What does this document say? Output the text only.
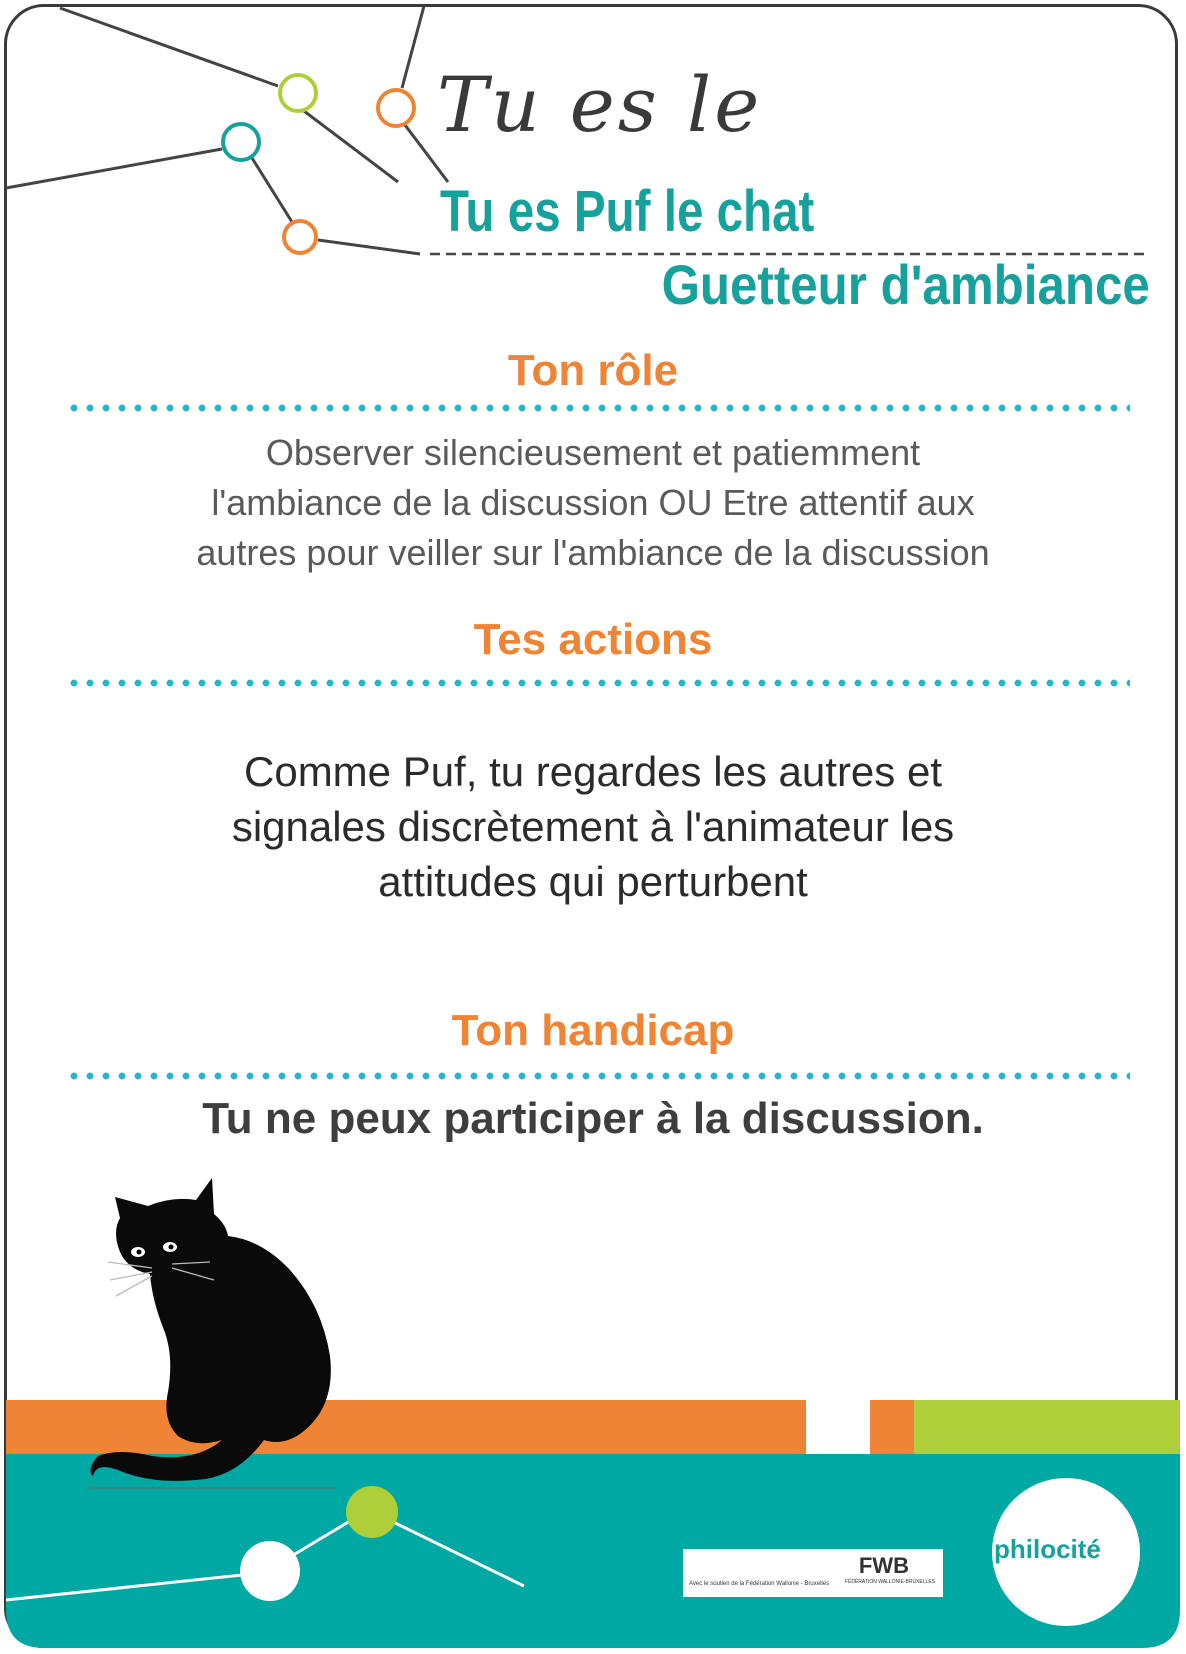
Tu es le
Tu es Puf le chat
Guetteur d'ambiance
Ton rôle
Observer silencieusement et patiemment
l'ambiance de la discussion OU Etre attentif aux
autres pour veiller sur l'ambiance de la discussion
Tes actions
Comme Puf, tu regardes les autres et
signales discrètement à l'animateur les
attitudes qui perturbent
Ton handicap
Tu ne peux participer à la discussion.
Avec le soutien de la Fédération Wallonie - Bruxelles
FWB
FÉDÉRATION WALLONIE-BRUXELLES
philocité
